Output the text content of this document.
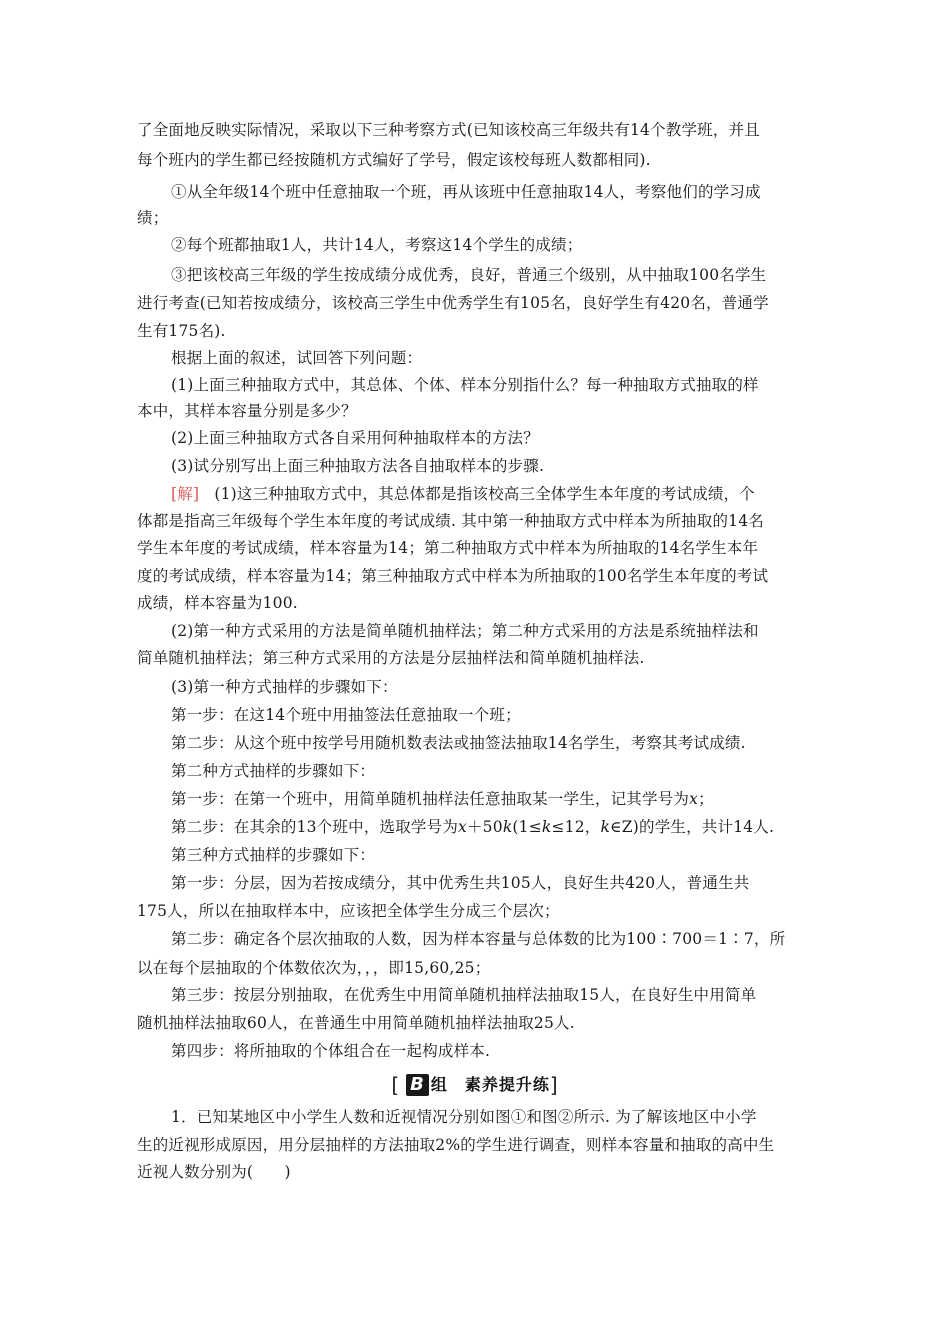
了全面地反映实际情况，采取以下三种考察方式(已知该校高三年级共有14个教学班，并且
每个班内的学生都已经按随机方式编好了学号，假定该校每班人数都相同).
①从全年级14个班中任意抽取一个班，再从该班中任意抽取14人，考察他们的学习成
绩；
②每个班都抽取1人，共计14人，考察这14个学生的成绩；
③把该校高三年级的学生按成绩分成优秀，良好，普通三个级别，从中抽取100名学生
进行考查(已知若按成绩分，该校高三学生中优秀学生有105名，良好学生有420名，普通学
生有175名).
根据上面的叙述，试回答下列问题：
(1)上面三种抽取方式中，其总体、个体、样本分别指什么？每一种抽取方式抽取的样
本中，其样本容量分别是多少？
(2)上面三种抽取方式各自采用何种抽取样本的方法？
(3)试分别写出上面三种抽取方法各自抽取样本的步骤.
[解] (1)这三种抽取方式中，其总体都是指该校高三全体学生本年度的考试成绩，个
体都是指高三年级每个学生本年度的考试成绩. 其中第一种抽取方式中样本为所抽取的14名
学生本年度的考试成绩，样本容量为14；第二种抽取方式中样本为所抽取的14名学生本年
度的考试成绩，样本容量为14；第三种抽取方式中样本为所抽取的100名学生本年度的考试
成绩，样本容量为100.
(2)第一种方式采用的方法是简单随机抽样法；第二种方式采用的方法是系统抽样法和
简单随机抽样法；第三种方式采用的方法是分层抽样法和简单随机抽样法.
(3)第一种方式抽样的步骤如下：
第一步：在这14个班中用抽签法任意抽取一个班；
第二步：从这个班中按学号用随机数表法或抽签法抽取14名学生，考察其考试成绩.
第二种方式抽样的步骤如下：
第一步：在第一个班中，用简单随机抽样法任意抽取某一学生，记其学号为x；
第二步：在其余的13个班中，选取学号为x＋50k(1≤k≤12，k∈Z)的学生，共计14人.
第三种方式抽样的步骤如下：
第一步：分层，因为若按成绩分，其中优秀生共105人，良好生共420人，普通生共
175人，所以在抽取样本中，应该把全体学生分成三个层次；
第二步：确定各个层次抽取的人数，因为样本容量与总体数的比为100∶700＝1∶7，所
以在每个层抽取的个体数依次为，，，即15,60,25；
第三步：按层分别抽取，在优秀生中用简单随机抽样法抽取15人，在良好生中用简单
随机抽样法抽取60人，在普通生中用简单随机抽样法抽取25人.
第四步：将所抽取的个体组合在一起构成样本.
[ B 组　素养提升练]
1．已知某地区中小学生人数和近视情况分别如图①和图②所示. 为了解该地区中小学
生的近视形成原因，用分层抽样的方法抽取2%的学生进行调查，则样本容量和抽取的高中生
近视人数分别为(　　)
